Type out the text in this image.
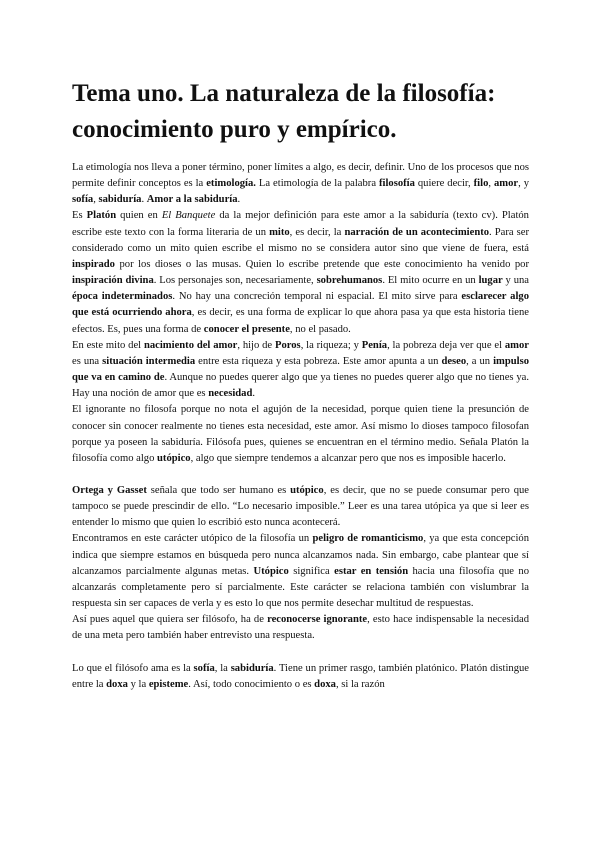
Tema uno. La naturaleza de la filosofía: conocimiento puro y empírico.

La etimología nos lleva a poner término, poner límites a algo, es decir, definir. Uno de los procesos que nos permite definir conceptos es la etimología. La etimología de la palabra filosofía quiere decir, filo, amor, y sofía, sabiduría. Amor a la sabiduría.

Es Platón quien en El Banquete da la mejor definición para este amor a la sabiduría (texto cv). Platón escribe este texto con la forma literaria de un mito, es decir, la narración de un acontecimiento. Para ser considerado como un mito quien escribe el mismo no se considera autor sino que viene de fuera, está inspirado por los dioses o las musas. Quien lo escribe pretende que este conocimiento ha venido por inspiración divina. Los personajes son, necesariamente, sobrehumanos. El mito ocurre en un lugar y una época indeterminados. No hay una concreción temporal ni espacial. El mito sirve para esclarecer algo que está ocurriendo ahora, es decir, es una forma de explicar lo que ahora pasa ya que esta historia tiene efectos. Es, pues una forma de conocer el presente, no el pasado.

En este mito del nacimiento del amor, hijo de Poros, la riqueza; y Penía, la pobreza deja ver que el amor es una situación intermedia entre esta riqueza y esta pobreza. Este amor apunta a un deseo, a un impulso que va en camino de. Aunque no puedes querer algo que ya tienes no puedes querer algo que no tienes ya. Hay una noción de amor que es necesidad.

El ignorante no filosofa porque no nota el agujón de la necesidad, porque quien tiene la presunción de conocer sin conocer realmente no tienes esta necesidad, este amor. Así mismo lo dioses tampoco filosofan porque ya poseen la sabiduría. Filósofa pues, quienes se encuentran en el término medio. Señala Platón la filosofía como algo utópico, algo que siempre tendemos a alcanzar pero que nos es imposible hacerlo.

Ortega y Gasset señala que todo ser humano es utópico, es decir, que no se puede consumar pero que tampoco se puede prescindir de ello. “Lo necesario imposible.” Leer es una tarea utópica ya que si leer es entender lo mismo que quien lo escribió esto nunca acontecerá.

Encontramos en este carácter utópico de la filosofía un peligro de romanticismo, ya que esta concepción indica que siempre estamos en búsqueda pero nunca alcanzamos nada. Sin embargo, cabe plantear que sí alcanzamos parcialmente algunas metas. Utópico significa estar en tensión hacia una filosofía que no alcanzarás completamente pero sí parcialmente. Este carácter se relaciona también con vislumbrar la respuesta sin ser capaces de verla y es esto lo que nos permite desechar multitud de respuestas.

Así pues aquel que quiera ser filósofo, ha de reconocerse ignorante, esto hace indispensable la necesidad de una meta pero también haber entrevisto una respuesta.

Lo que el filósofo ama es la sofía, la sabiduría. Tiene un primer rasgo, también platónico. Platón distingue entre la doxa y la episteme. Así, todo conocimiento o es doxa, si la razón
